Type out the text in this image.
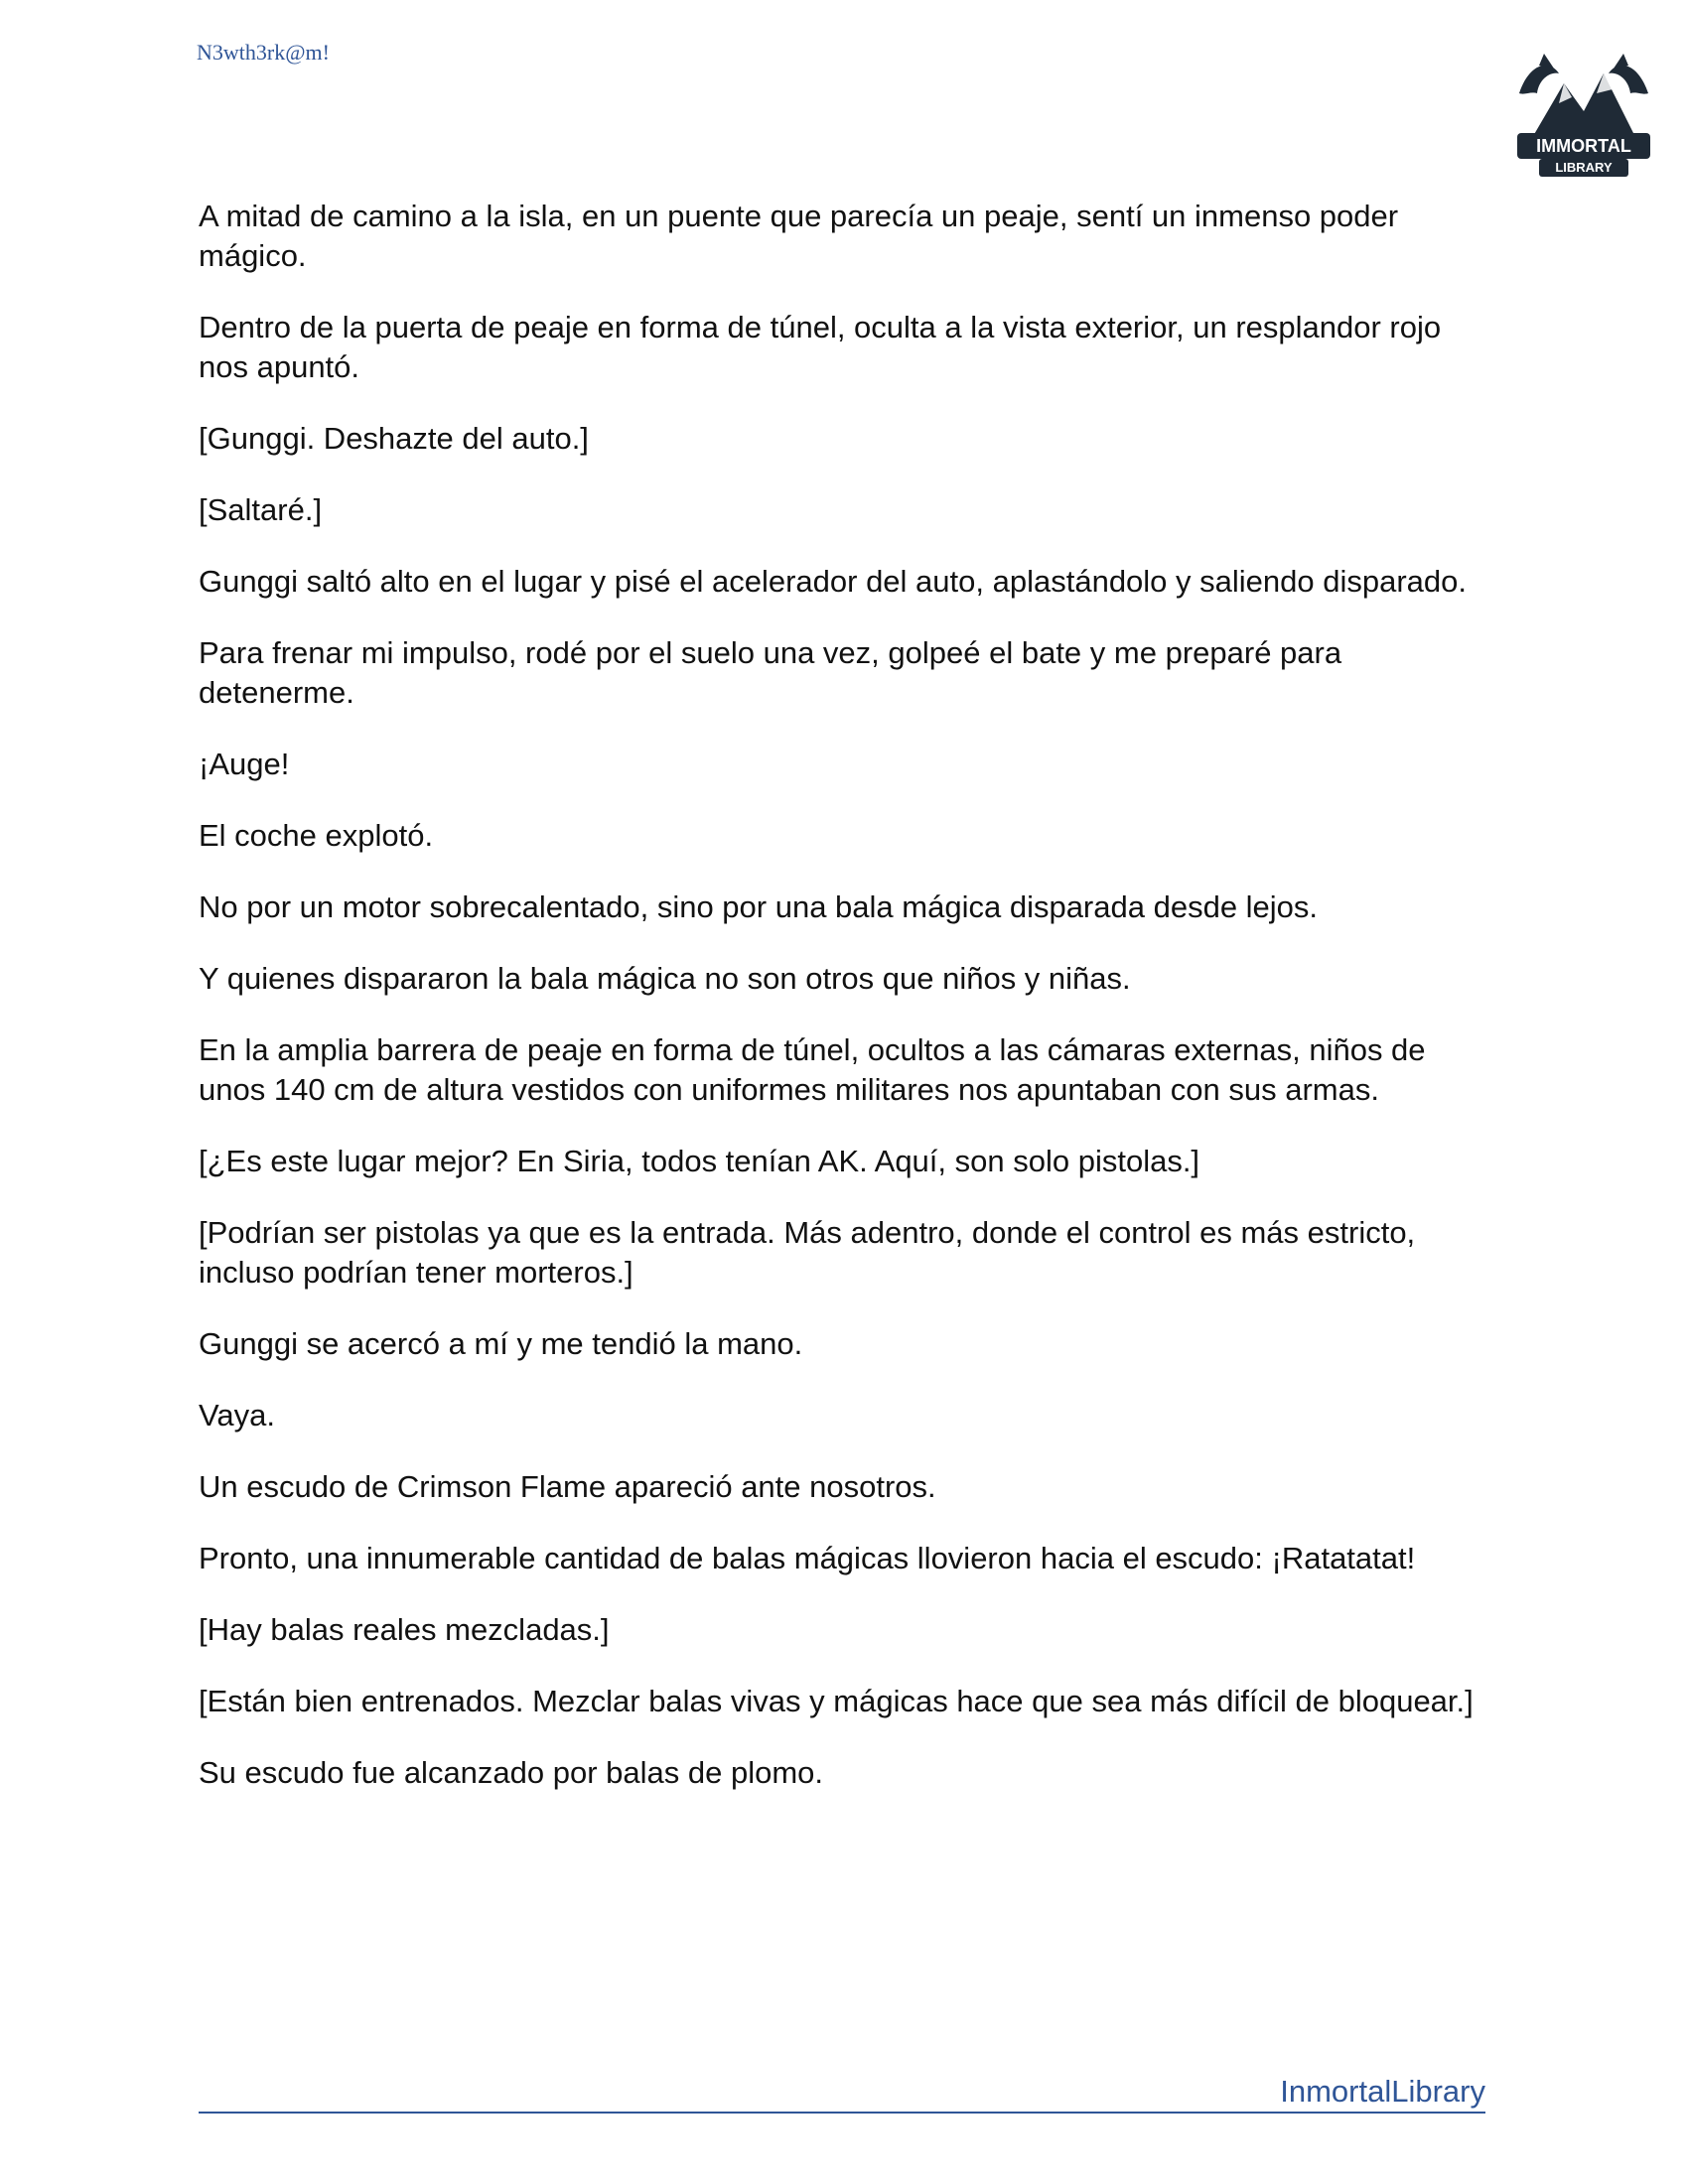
N3wth3rk@m!

IMMORTAL
LIBRARY

A mitad de camino a la isla, en un puente que parecía un peaje, sentí un inmenso poder mágico.

Dentro de la puerta de peaje en forma de túnel, oculta a la vista exterior, un resplandor rojo nos apuntó.

[Gunggi. Deshazte del auto.]

[Saltaré.]

Gunggi saltó alto en el lugar y pisé el acelerador del auto, aplastándolo y saliendo disparado.

Para frenar mi impulso, rodé por el suelo una vez, golpeé el bate y me preparé para detenerme.

¡Auge!

El coche explotó.

No por un motor sobrecalentado, sino por una bala mágica disparada desde lejos.

Y quienes dispararon la bala mágica no son otros que niños y niñas.

En la amplia barrera de peaje en forma de túnel, ocultos a las cámaras externas, niños de unos 140 cm de altura vestidos con uniformes militares nos apuntaban con sus armas.

[¿Es este lugar mejor? En Siria, todos tenían AK. Aquí, son solo pistolas.]

[Podrían ser pistolas ya que es la entrada. Más adentro, donde el control es más estricto, incluso podrían tener morteros.]

Gunggi se acercó a mí y me tendió la mano.

Vaya.

Un escudo de Crimson Flame apareció ante nosotros.

Pronto, una innumerable cantidad de balas mágicas llovieron hacia el escudo: ¡Ratatatat!

[Hay balas reales mezcladas.]

[Están bien entrenados. Mezclar balas vivas y mágicas hace que sea más difícil de bloquear.]

Su escudo fue alcanzado por balas de plomo.

InmortalLibrary
